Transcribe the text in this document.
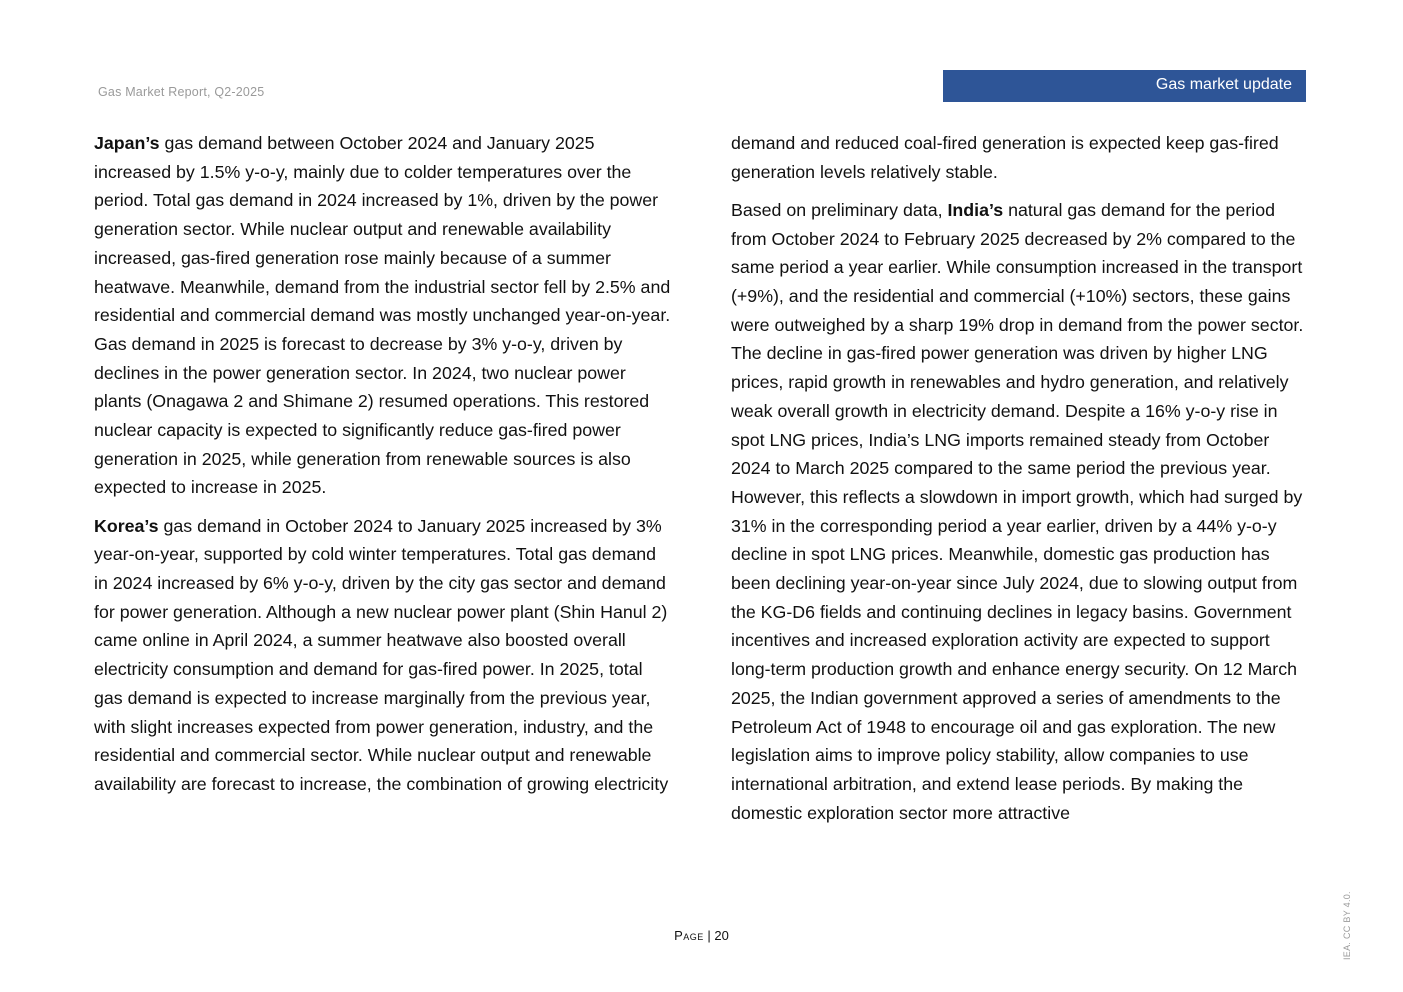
Gas Market Report, Q2-2025	Gas market update

Japan’s gas demand between October 2024 and January 2025 increased by 1.5% y-o-y, mainly due to colder temperatures over the period. Total gas demand in 2024 increased by 1%, driven by the power generation sector. While nuclear output and renewable availability increased, gas-fired generation rose mainly because of a summer heatwave. Meanwhile, demand from the industrial sector fell by 2.5% and residential and commercial demand was mostly unchanged year-on-year. Gas demand in 2025 is forecast to decrease by 3% y-o-y, driven by declines in the power generation sector. In 2024, two nuclear power plants (Onagawa 2 and Shimane 2) resumed operations. This restored nuclear capacity is expected to significantly reduce gas-fired power generation in 2025, while generation from renewable sources is also expected to increase in 2025.

Korea’s gas demand in October 2024 to January 2025 increased by 3% year-on-year, supported by cold winter temperatures. Total gas demand in 2024 increased by 6% y-o-y, driven by the city gas sector and demand for power generation. Although a new nuclear power plant (Shin Hanul 2) came online in April 2024, a summer heatwave also boosted overall electricity consumption and demand for gas-fired power. In 2025, total gas demand is expected to increase marginally from the previous year, with slight increases expected from power generation, industry, and the residential and commercial sector. While nuclear output and renewable availability are forecast to increase, the combination of growing electricity

demand and reduced coal-fired generation is expected keep gas-fired generation levels relatively stable.

Based on preliminary data, India’s natural gas demand for the period from October 2024 to February 2025 decreased by 2% compared to the same period a year earlier. While consumption increased in the transport (+9%), and the residential and commercial (+10%) sectors, these gains were outweighed by a sharp 19% drop in demand from the power sector. The decline in gas-fired power generation was driven by higher LNG prices, rapid growth in renewables and hydro generation, and relatively weak overall growth in electricity demand. Despite a 16% y-o-y rise in spot LNG prices, India’s LNG imports remained steady from October 2024 to March 2025 compared to the same period the previous year. However, this reflects a slowdown in import growth, which had surged by 31% in the corresponding period a year earlier, driven by a 44% y-o-y decline in spot LNG prices. Meanwhile, domestic gas production has been declining year-on-year since July 2024, due to slowing output from the KG-D6 fields and continuing declines in legacy basins. Government incentives and increased exploration activity are expected to support long-term production growth and enhance energy security. On 12 March 2025, the Indian government approved a series of amendments to the Petroleum Act of 1948 to encourage oil and gas exploration. The new legislation aims to improve policy stability, allow companies to use international arbitration, and extend lease periods. By making the domestic exploration sector more attractive

Page | 20	IEA. CC BY 4.0.
